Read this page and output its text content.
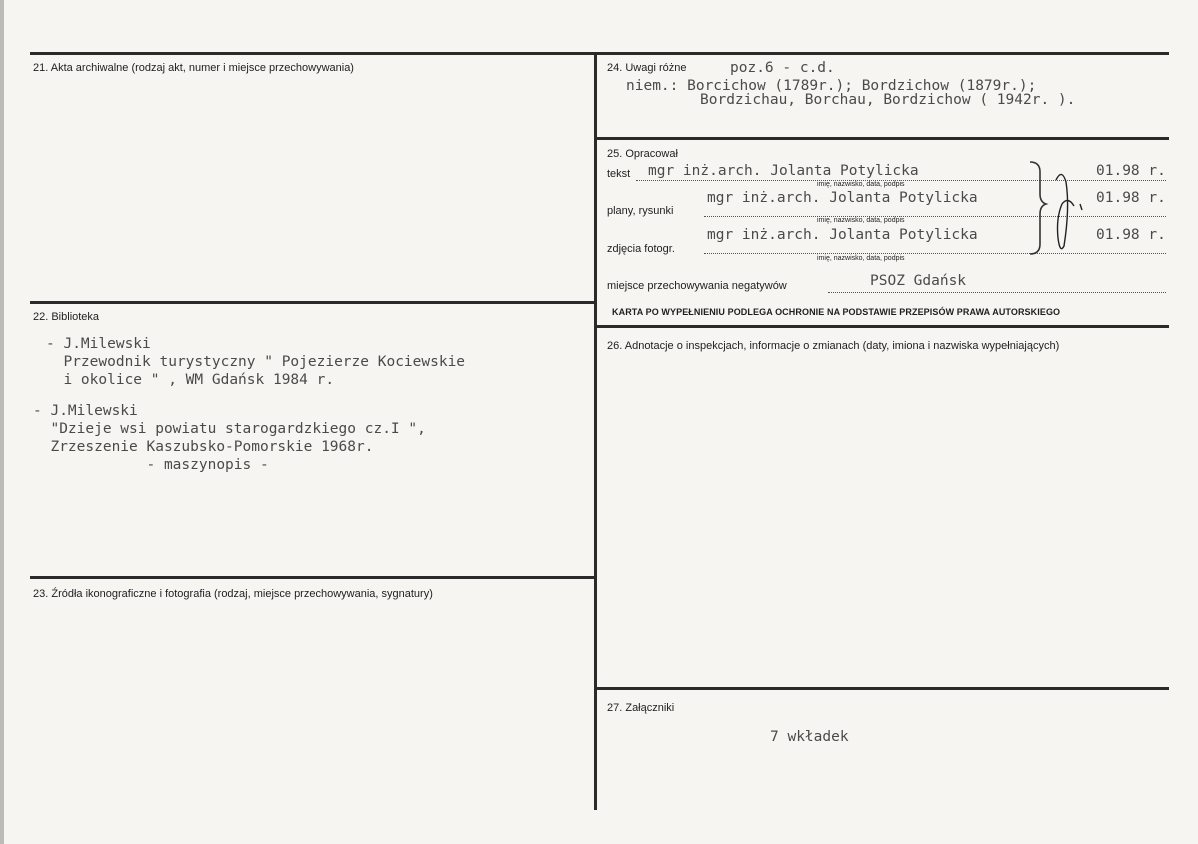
21. Akta archiwalne (rodzaj akt, numer i miejsce przechowywania)
22. Biblioteka
- J.Milewski
Przewodnik turystyczny " Pojezierze Kociewskie
i okolice " , WM Gdańsk 1984 r.
- J.Milewski
"Dzieje wsi powiatu starogardzkiego cz.I ",
Zrzeszenie Kaszubsko-Pomorskie 1968r.
- maszynopis -
23. Źródła ikonograficzne i fotografia (rodzaj, miejsce przechowywania, sygnatury)
24. Uwagi różne	poz.6 - c.d.
niem.: Borcichow (1789r.); Bordzichow (1879r.);
Bordzichau, Borchau, Bordzichow ( 1942r. ).
25. Opracował
tekst mgr inż.arch. Jolanta Potylicka	01.98 r.
imię, nazwisko, data, podpis
plany, rysunki
mgr inż.arch. Jolanta Potylicka	01.98 r.
imię, nazwisko, data, podpis
zdjęcia fotogr.
mgr inż.arch. Jolanta Potylicka	01.98 r.
imię, nazwisko, data, podpis
miejsce przechowywania negatywów	PSOZ Gdańsk
KARTA PO WYPEŁNIENIU PODLEGA OCHRONIE NA PODSTAWIE PRZEPISÓW PRAWA AUTORSKIEGO
26. Adnotacje o inspekcjach, informacje o zmianach (daty, imiona i nazwiska wypełniających)
27. Załączniki
7 wkładek
